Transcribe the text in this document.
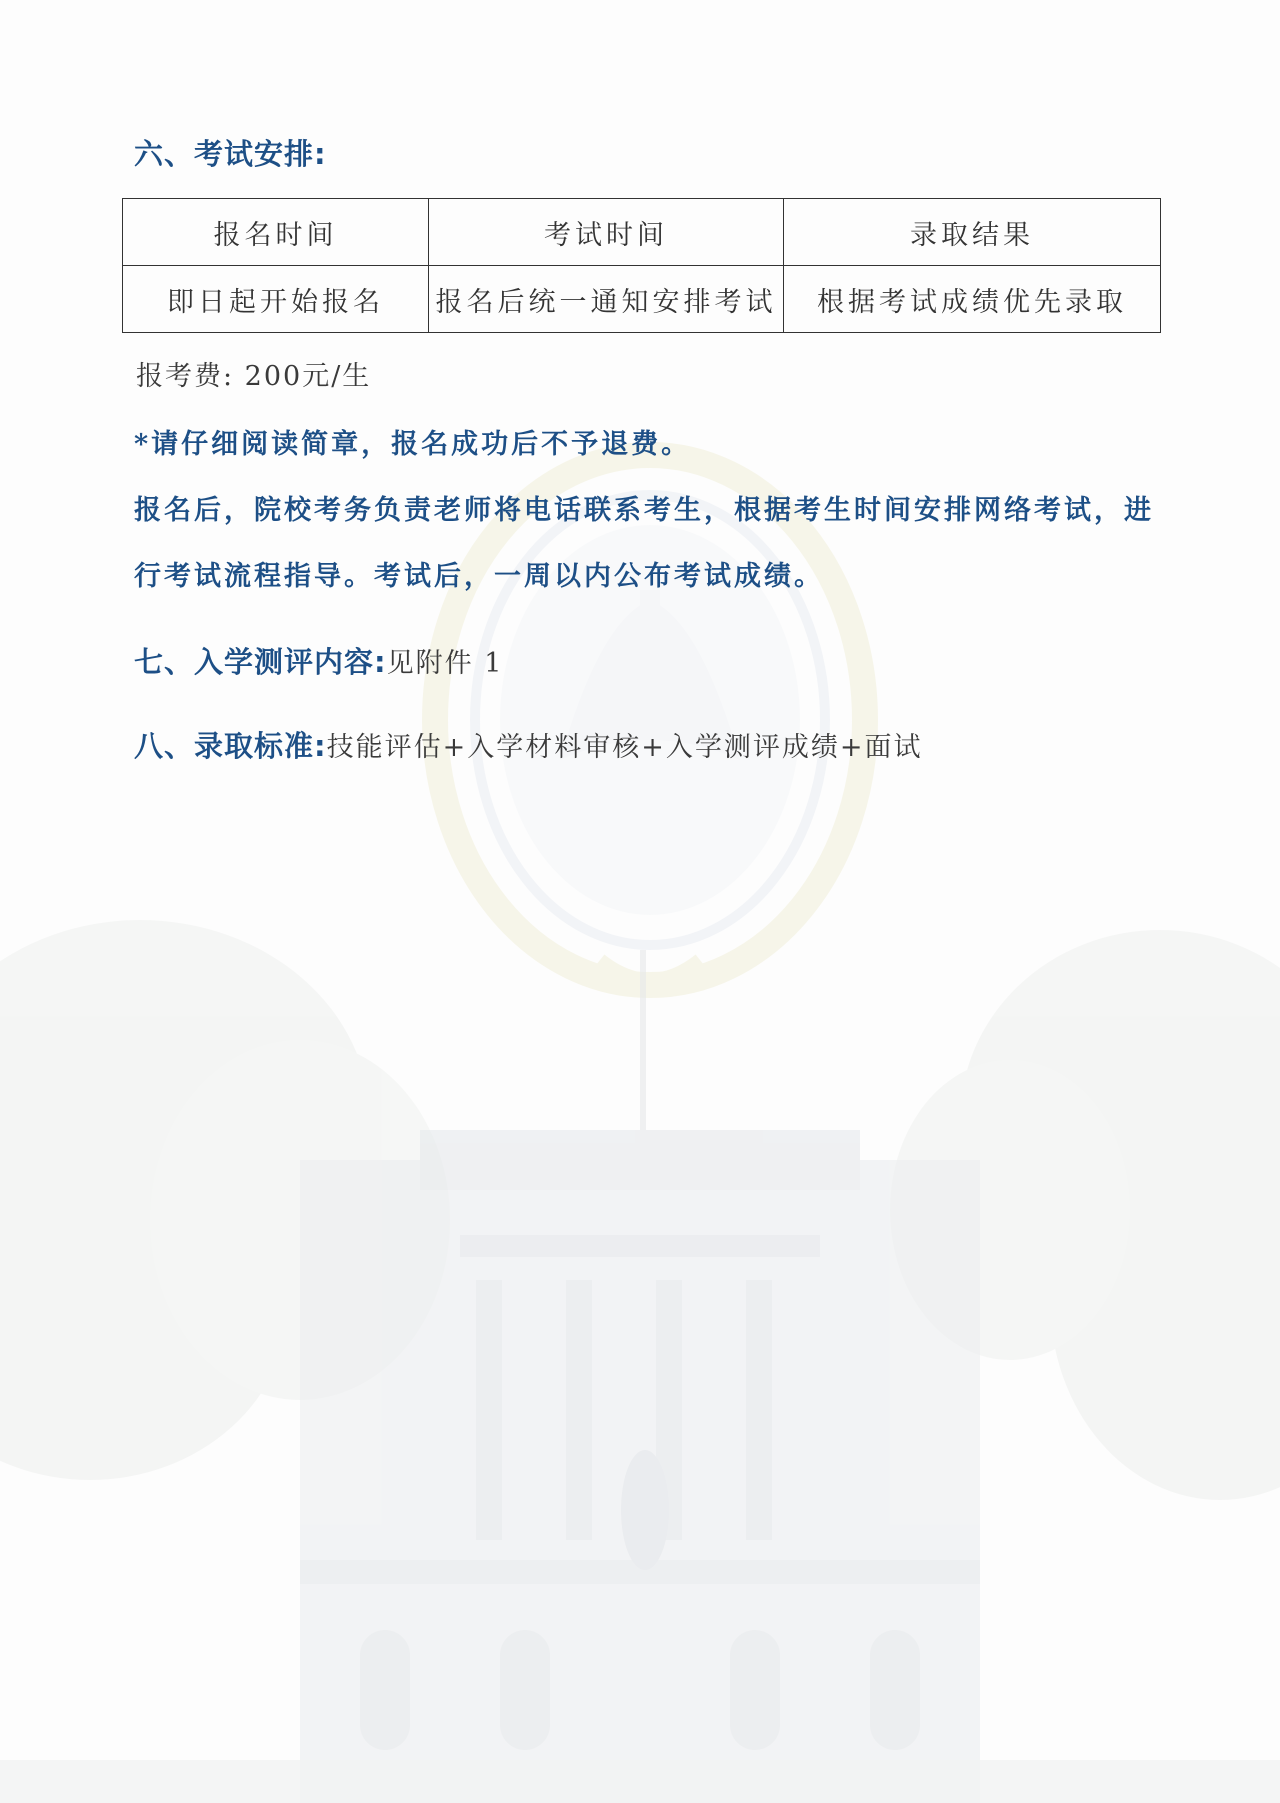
六、考试安排:
报名时间	考试时间	录取结果
即日起开始报名	报名后统一通知安排考试	根据考试成绩优先录取
报考费: 200元/生
*请仔细阅读简章，报名成功后不予退费。
报名后，院校考务负责老师将电话联系考生，根据考生时间安排网络考试，进
行考试流程指导。考试后，一周以内公布考试成绩。
七、入学测评内容:见附件 1
八、录取标准:技能评估+入学材料审核+入学测评成绩+面试
